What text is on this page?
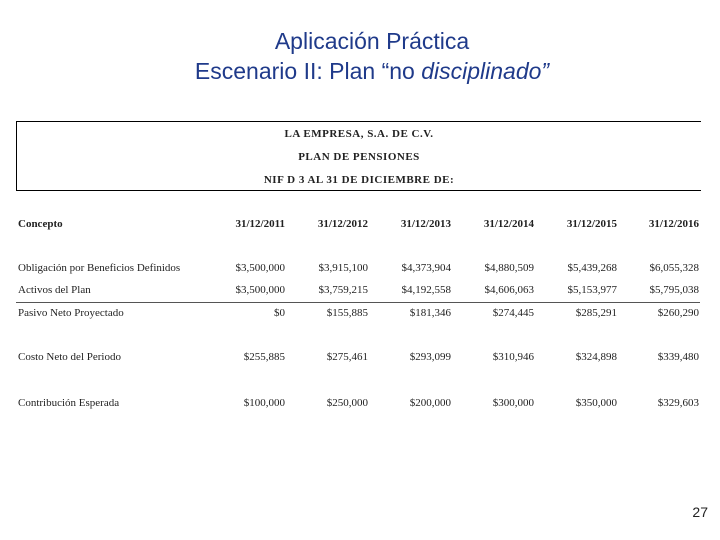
Aplicación Práctica
Escenario II: Plan “no disciplinado”
LA EMPRESA, S.A. DE C.V.
PLAN DE PENSIONES
NIF D 3 AL 31 DE DICIEMBRE DE:
Concepto	31/12/2011	31/12/2012	31/12/2013	31/12/2014	31/12/2015	31/12/2016
Obligación por Beneficios Definidos	$3,500,000	$3,915,100	$4,373,904	$4,880,509	$5,439,268	$6,055,328
Activos del Plan	$3,500,000	$3,759,215	$4,192,558	$4,606,063	$5,153,977	$5,795,038
Pasivo Neto Proyectado	$0	$155,885	$181,346	$274,445	$285,291	$260,290
Costo Neto del Periodo	$255,885	$275,461	$293,099	$310,946	$324,898	$339,480
Contribución Esperada	$100,000	$250,000	$200,000	$300,000	$350,000	$329,603
27
